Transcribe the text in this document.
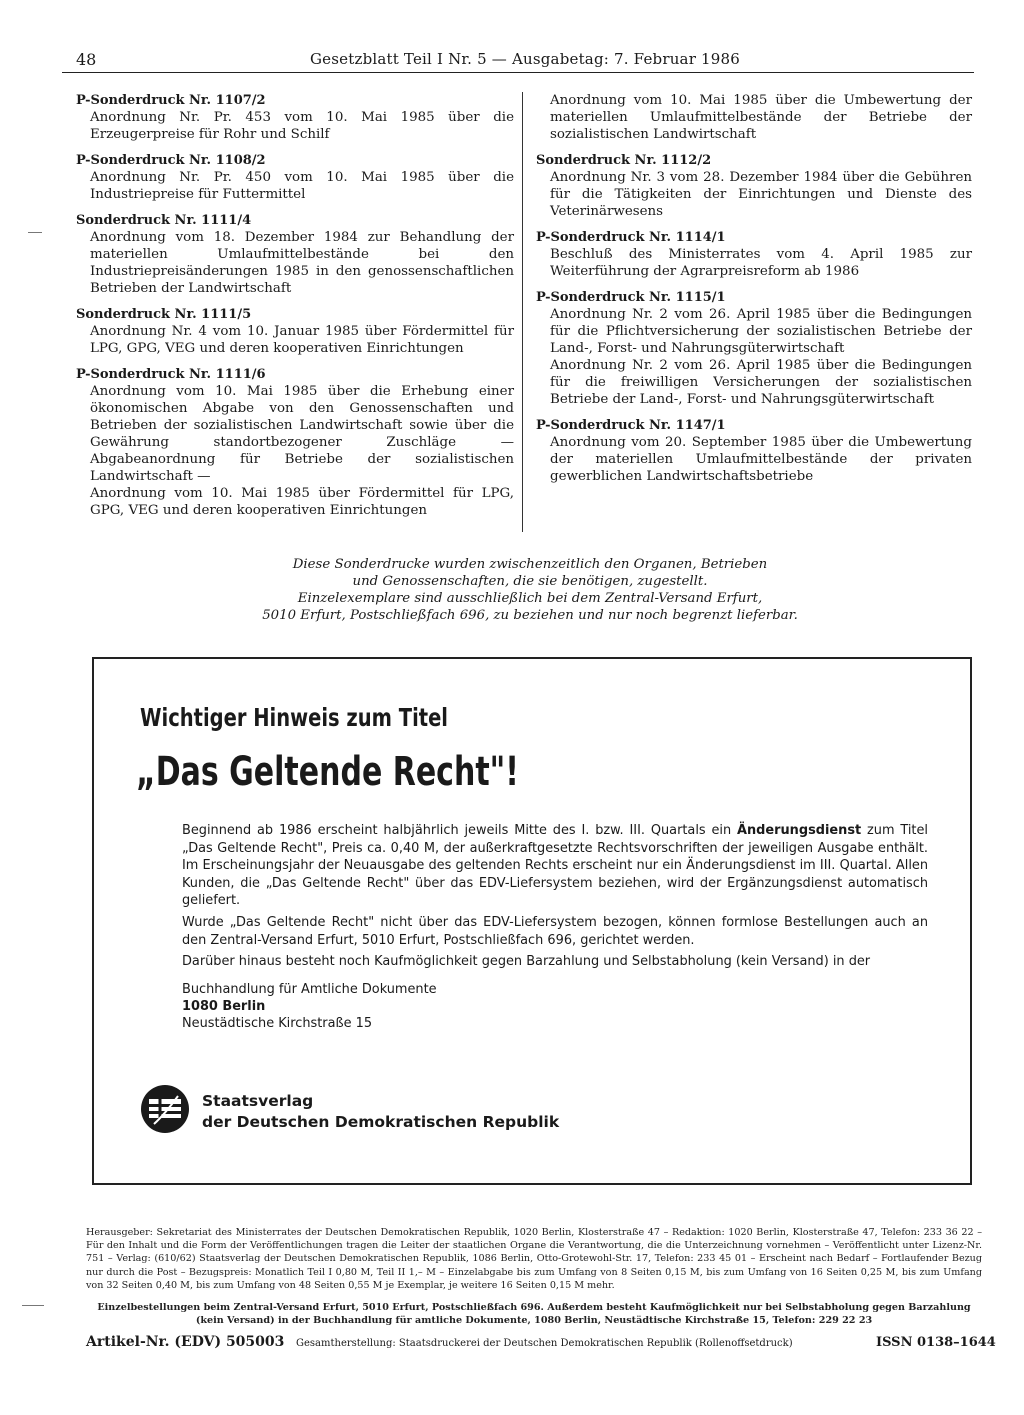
48	Gesetzblatt Teil I Nr. 5 — Ausgabetag: 7. Februar 1986
P-Sonderdruck Nr. 1107/2
Anordnung Nr. Pr. 453 vom 10. Mai 1985 über die Erzeugerpreise für Rohr und Schilf
P-Sonderdruck Nr. 1108/2
Anordnung Nr. Pr. 450 vom 10. Mai 1985 über die Industriepreise für Futtermittel
Sonderdruck Nr. 1111/4
Anordnung vom 18. Dezember 1984 zur Behandlung der materiellen Umlaufmittelbestände bei den Industriepreisänderungen 1985 in den genossenschaftlichen Betrieben der Landwirtschaft
Sonderdruck Nr. 1111/5
Anordnung Nr. 4 vom 10. Januar 1985 über Fördermittel für LPG, GPG, VEG und deren kooperativen Einrichtungen
P-Sonderdruck Nr. 1111/6
Anordnung vom 10. Mai 1985 über die Erhebung einer ökonomischen Abgabe von den Genossenschaften und Betrieben der sozialistischen Landwirtschaft sowie über die Gewährung standortbezogener Zuschläge — Abgabeanordnung für Betriebe der sozialistischen Landwirtschaft —
Anordnung vom 10. Mai 1985 über Fördermittel für LPG, GPG, VEG und deren kooperativen Einrichtungen
Anordnung vom 10. Mai 1985 über die Umbewertung der materiellen Umlaufmittelbestände der Betriebe der sozialistischen Landwirtschaft
Sonderdruck Nr. 1112/2
Anordnung Nr. 3 vom 28. Dezember 1984 über die Gebühren für die Tätigkeiten der Einrichtungen und Dienste des Veterinärwesens
P-Sonderdruck Nr. 1114/1
Beschluß des Ministerrates vom 4. April 1985 zur Weiterführung der Agrarpreisreform ab 1986
P-Sonderdruck Nr. 1115/1
Anordnung Nr. 2 vom 26. April 1985 über die Bedingungen für die Pflichtversicherung der sozialistischen Betriebe der Land-, Forst- und Nahrungsgüterwirtschaft
Anordnung Nr. 2 vom 26. April 1985 über die Bedingungen für die freiwilligen Versicherungen der sozialistischen Betriebe der Land-, Forst- und Nahrungsgüterwirtschaft
P-Sonderdruck Nr. 1147/1
Anordnung vom 20. September 1985 über die Umbewertung der materiellen Umlaufmittelbestände der privaten gewerblichen Landwirtschaftsbetriebe
Diese Sonderdrucke wurden zwischenzeitlich den Organen, Betrieben
und Genossenschaften, die sie benötigen, zugestellt.
Einzelexemplare sind ausschließlich bei dem Zentral-Versand Erfurt,
5010 Erfurt, Postschließfach 696, zu beziehen und nur noch begrenzt lieferbar.
Wichtiger Hinweis zum Titel
„Das Geltende Recht"!

Beginnend ab 1986 erscheint halbjährlich jeweils Mitte des I. bzw. III. Quartals ein Änderungsdienst zum Titel „Das Geltende Recht", Preis ca. 0,40 M, der außerkraftgesetzte Rechtsvorschriften der jeweiligen Ausgabe enthält. Im Erscheinungsjahr der Neuausgabe des geltenden Rechts erscheint nur ein Änderungsdienst im III. Quartal. Allen Kunden, die „Das Geltende Recht" über das EDV-Liefersystem beziehen, wird der Ergänzungsdienst automatisch geliefert.

Wurde „Das Geltende Recht" nicht über das EDV-Liefersystem bezogen, können formlose Bestellungen auch an den Zentral-Versand Erfurt, 5010 Erfurt, Postschließfach 696, gerichtet werden.

Darüber hinaus besteht noch Kaufmöglichkeit gegen Barzahlung und Selbstabholung (kein Versand) in der

Buchhandlung für Amtliche Dokumente
1080 Berlin
Neustädtische Kirchstraße 15
Staatsverlag
der Deutschen Demokratischen Republik
Herausgeber: Sekretariat des Ministerrates der Deutschen Demokratischen Republik, 1020 Berlin, Klosterstraße 47 – Redaktion: 1020 Berlin, Klosterstraße 47, Telefon: 233 36 22 – Für den Inhalt und die Form der Veröffentlichungen tragen die Leiter der staatlichen Organe die Verantwortung, die die Unterzeichnung vornehmen – Veröffentlicht unter Lizenz-Nr. 751 – Verlag: (610/62) Staatsverlag der Deutschen Demokratischen Republik, 1086 Berlin, Otto-Grotewohl-Str. 17, Telefon: 233 45 01 – Erscheint nach Bedarf – Fortlaufender Bezug nur durch die Post – Bezugspreis: Monatlich Teil I 0,80 M, Teil II 1,– M – Einzelabgabe bis zum Umfang von 8 Seiten 0,15 M, bis zum Umfang von 16 Seiten 0,25 M, bis zum Umfang von 32 Seiten 0,40 M, bis zum Umfang von 48 Seiten 0,55 M je Exemplar, je weitere 16 Seiten 0,15 M mehr.
Einzelbestellungen beim Zentral-Versand Erfurt, 5010 Erfurt, Postschließfach 696. Außerdem besteht Kaufmöglichkeit nur bei Selbstabholung gegen Barzahlung (kein Versand) in der Buchhandlung für amtliche Dokumente, 1080 Berlin, Neustädtische Kirchstraße 15, Telefon: 229 22 23
Artikel-Nr. (EDV) 505003 Gesamtherstellung: Staatsdruckerei der Deutschen Demokratischen Republik (Rollenoffsetdruck)	ISSN 0138–1644
